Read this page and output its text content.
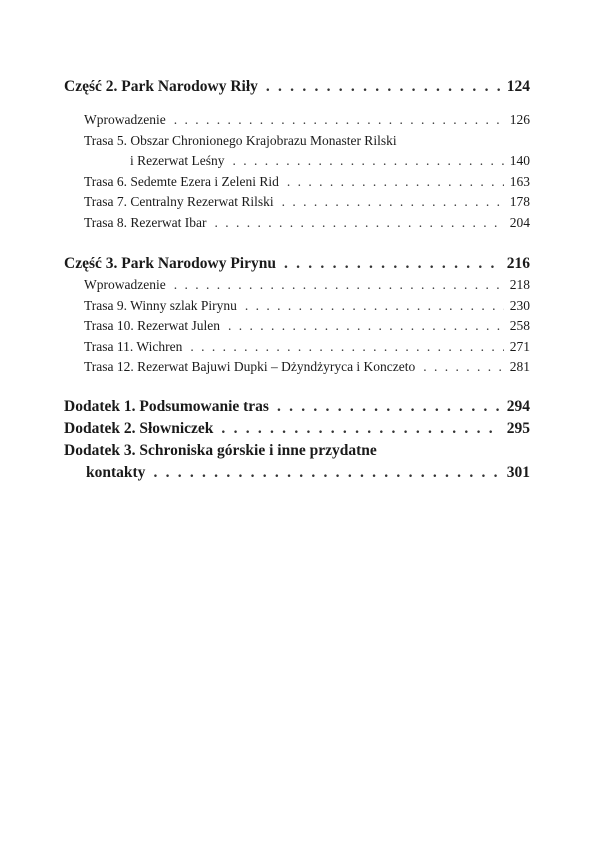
Część 2. Park Narodowy Riły . . .	124
Wprowadzenie . . .	126
Trasa 5. Obszar Chronionego Krajobrazu Monaster Rilski
i Rezerwat Leśny . . .	140
Trasa 6. Sedemte Ezera i Zeleni Rid . . .	163
Trasa 7. Centralny Rezerwat Rilski . . .	178
Trasa 8. Rezerwat Ibar . . .	204
Część 3. Park Narodowy Pirynu . . .	216
Wprowadzenie . . .	218
Trasa 9. Winny szlak Pirynu . . .	230
Trasa 10. Rezerwat Julen . . .	258
Trasa 11. Wichren . . .	271
Trasa 12. Rezerwat Bajuwi Dupki – Dżyndżyryca i Konczeto . . .	281
Dodatek 1. Podsumowanie tras . . .	294
Dodatek 2. Słowniczek . . .	295
Dodatek 3. Schroniska górskie i inne przydatne
kontakty . . .	301
